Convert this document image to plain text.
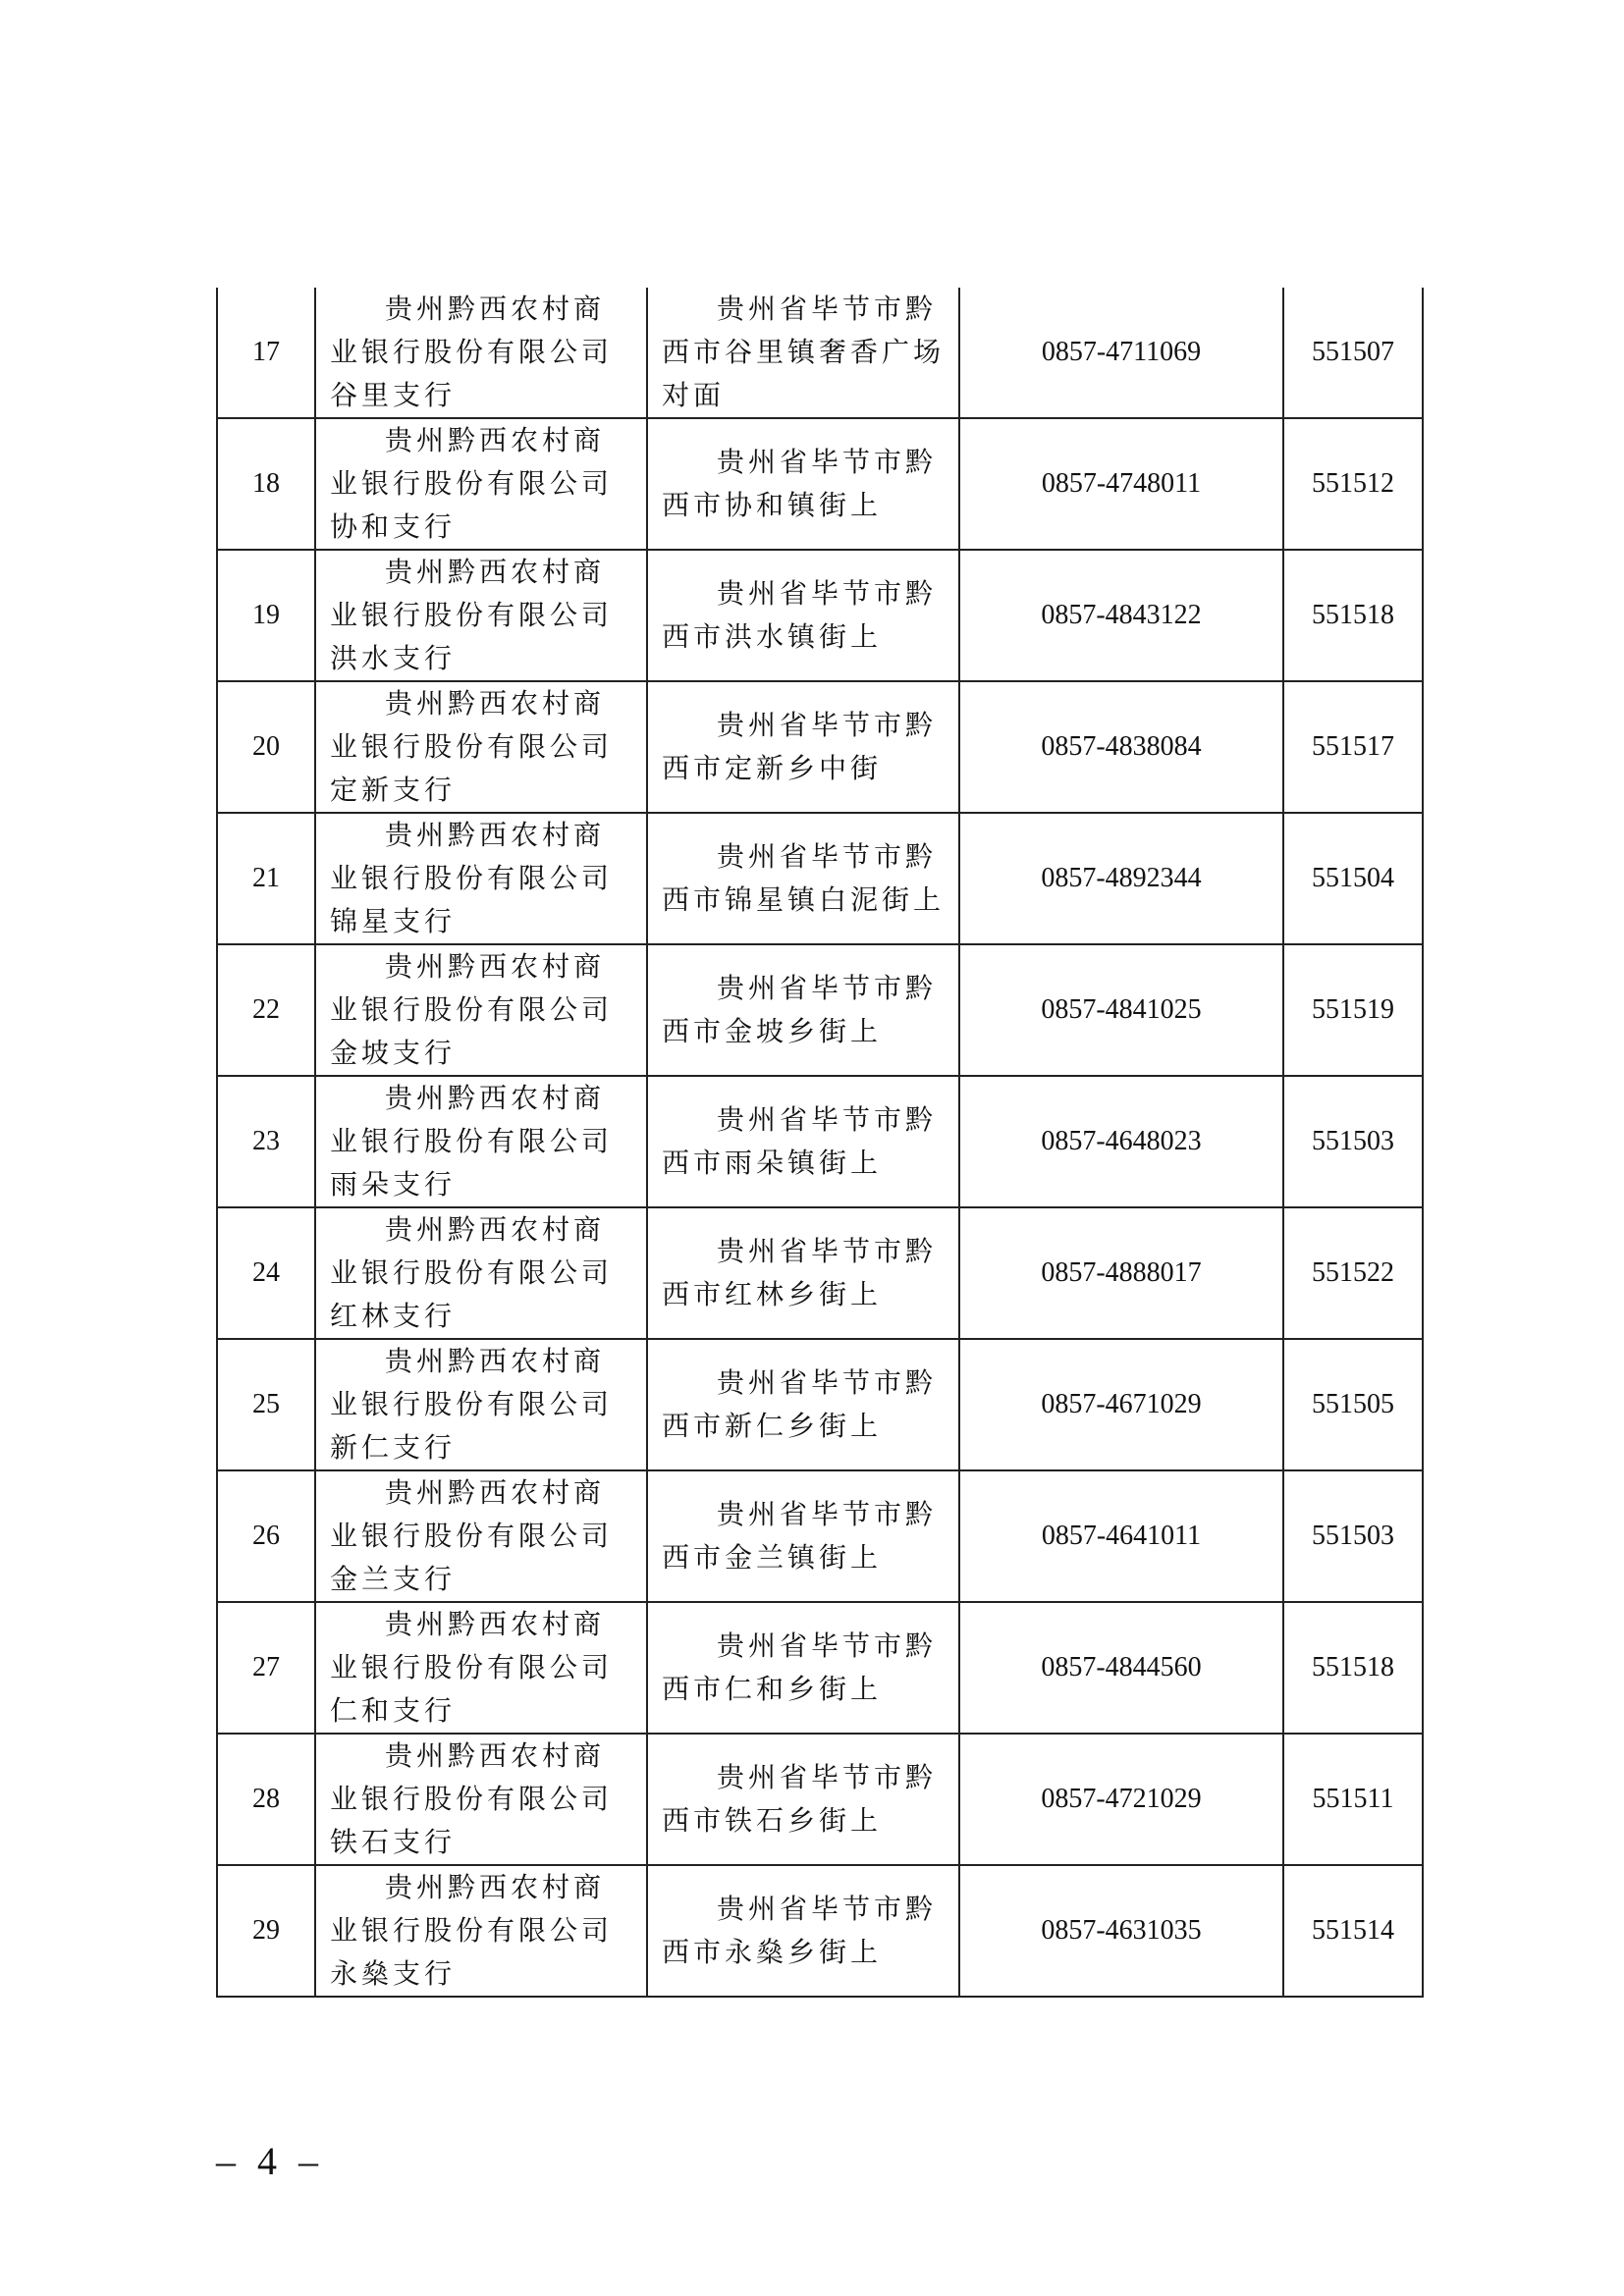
17	贵州黔西农村商业银行股份有限公司谷里支行	贵州省毕节市黔西市谷里镇奢香广场对面	0857-4711069	551507
18	贵州黔西农村商业银行股份有限公司协和支行	贵州省毕节市黔西市协和镇街上	0857-4748011	551512
19	贵州黔西农村商业银行股份有限公司洪水支行	贵州省毕节市黔西市洪水镇街上	0857-4843122	551518
20	贵州黔西农村商业银行股份有限公司定新支行	贵州省毕节市黔西市定新乡中街	0857-4838084	551517
21	贵州黔西农村商业银行股份有限公司锦星支行	贵州省毕节市黔西市锦星镇白泥街上	0857-4892344	551504
22	贵州黔西农村商业银行股份有限公司金坡支行	贵州省毕节市黔西市金坡乡街上	0857-4841025	551519
23	贵州黔西农村商业银行股份有限公司雨朵支行	贵州省毕节市黔西市雨朵镇街上	0857-4648023	551503
24	贵州黔西农村商业银行股份有限公司红林支行	贵州省毕节市黔西市红林乡街上	0857-4888017	551522
25	贵州黔西农村商业银行股份有限公司新仁支行	贵州省毕节市黔西市新仁乡街上	0857-4671029	551505
26	贵州黔西农村商业银行股份有限公司金兰支行	贵州省毕节市黔西市金兰镇街上	0857-4641011	551503
27	贵州黔西农村商业银行股份有限公司仁和支行	贵州省毕节市黔西市仁和乡街上	0857-4844560	551518
28	贵州黔西农村商业银行股份有限公司铁石支行	贵州省毕节市黔西市铁石乡街上	0857-4721029	551511
29	贵州黔西农村商业银行股份有限公司永燊支行	贵州省毕节市黔西市永燊乡街上	0857-4631035	551514
– 4 –
